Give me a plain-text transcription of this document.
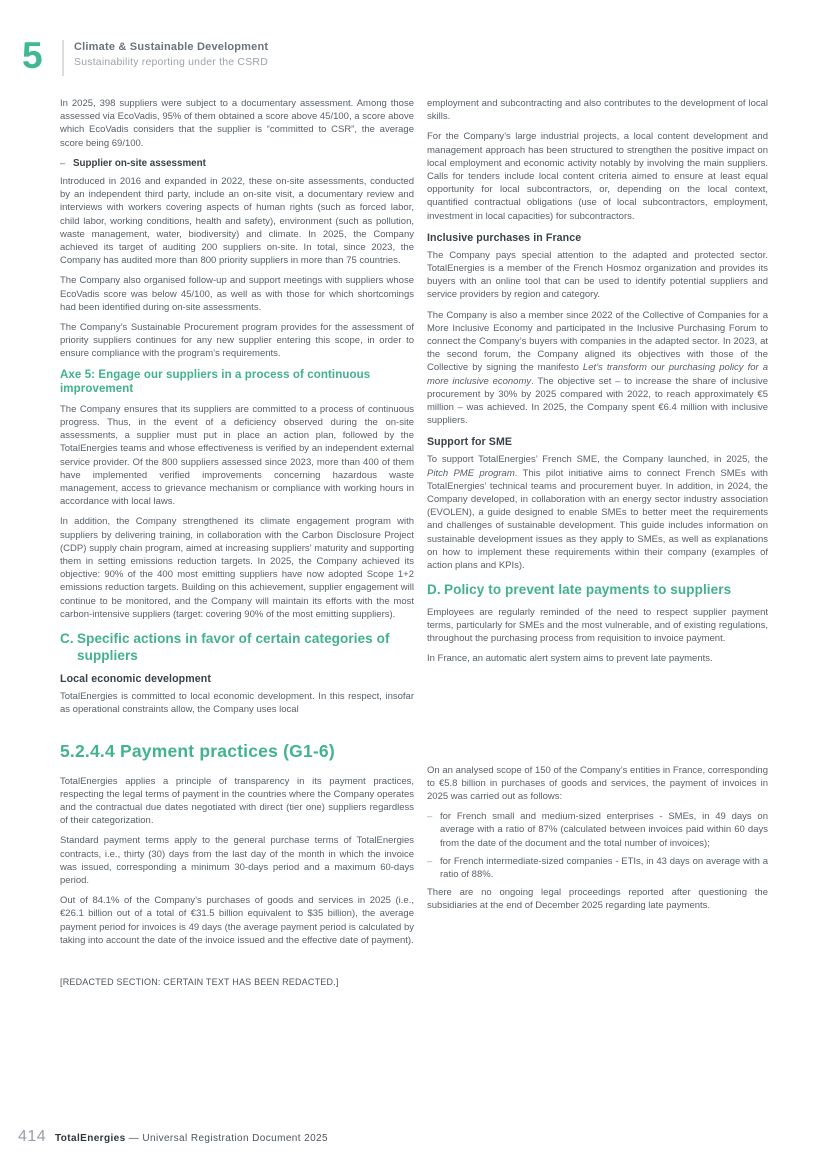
5	Climate & Sustainable Development
Sustainability reporting under the CSRD

In 2025, 398 suppliers were subject to a documentary assessment. Among those assessed via EcoVadis, 95% of them obtained a score above 45/100, a score above which EcoVadis considers that the supplier is “committed to CSR”, the average score being 69/100.

– Supplier on-site assessment

Introduced in 2016 and expanded in 2022, these on-site assessments, conducted by an independent third party, include an on-site visit, a documentary review and interviews with workers covering aspects of human rights (such as forced labor, child labor, working conditions, health and safety), environment (such as pollution, waste management, water, biodiversity) and climate. In 2025, the Company achieved its target of auditing 200 suppliers on-site. In total, since 2023, the Company has audited more than 800 priority suppliers in more than 75 countries.

The Company also organised follow-up and support meetings with suppliers whose EcoVadis score was below 45/100, as well as with those for which shortcomings had been identified during on-site assessments.

The Company’s Sustainable Procurement program provides for the assessment of priority suppliers continues for any new supplier entering this scope, in order to ensure compliance with the program’s requirements.

Axe 5: Engage our suppliers in a process of continuous improvement

The Company ensures that its suppliers are committed to a process of continuous progress. Thus, in the event of a deficiency observed during the on-site assessments, a supplier must put in place an action plan, followed by the TotalEnergies teams and whose effectiveness is verified by an independent external service provider. Of the 800 suppliers assessed since 2023, more than 400 of them have implemented verified improvements concerning hazardous waste management, access to grievance mechanism or compliance with working hours in accordance with local laws.

In addition, the Company strengthened its climate engagement program with suppliers by delivering training, in collaboration with the Carbon Disclosure Project (CDP) supply chain program, aimed at increasing suppliers’ maturity and supporting them in setting emissions reduction targets. In 2025, the Company achieved its objective: 90% of the 400 most emitting suppliers have now adopted Scope 1+2 emissions reduction targets. Building on this achievement, supplier engagement will continue to be monitored, and the Company will maintain its efforts with the most carbon-intensive suppliers (target: covering 90% of the most emitting suppliers).

C. Specific actions in favor of certain categories of suppliers
Local economic development

TotalEnergies is committed to local economic development. In this respect, insofar as operational constraints allow, the Company uses local

5.2.4.4 Payment practices (G1-6)

TotalEnergies applies a principle of transparency in its payment practices, respecting the legal terms of payment in the countries where the Company operates and the contractual due dates negotiated with direct (tier one) suppliers regardless of their categorization.

Standard payment terms apply to the general purchase terms of TotalEnergies contracts, i.e., thirty (30) days from the last day of the month in which the invoice was issued, corresponding a minimum 30-days period and a maximum 60-days period.

Out of 84.1% of the Company’s purchases of goods and services in 2025 (i.e., €26.1 billion out of a total of €31.5 billion equivalent to $35 billion), the average payment period for invoices is 49 days (the average payment period is calculated by taking into account the date of the invoice issued and the effective date of payment).

[REDACTED SECTION: CERTAIN TEXT HAS BEEN REDACTED.]

employment and subcontracting and also contributes to the development of local skills.

For the Company’s large industrial projects, a local content development and management approach has been structured to strengthen the positive impact on local employment and economic activity notably by involving the main suppliers. Calls for tenders include local content criteria aimed to ensure at least equal opportunity for local subcontractors, or, depending on the local context, quantified contractual obligations (use of local subcontractors, employment, investment in local capacities) for subcontractors.

Inclusive purchases in France

The Company pays special attention to the adapted and protected sector. TotalEnergies is a member of the French Hosmoz organization and provides its buyers with an online tool that can be used to identify potential suppliers and service providers by region and category.

The Company is also a member since 2022 of the Collective of Companies for a More Inclusive Economy and participated in the Inclusive Purchasing Forum to connect the Company’s buyers with companies in the adapted sector. In 2023, at the second forum, the Company aligned its objectives with those of the Collective by signing the manifesto Let’s transform our purchasing policy for a more inclusive economy. The objective set – to increase the share of inclusive procurement by 30% by 2025 compared with 2022, to reach approximately €5 million – was achieved. In 2025, the Company spent €6.4 million with inclusive suppliers.

Support for SME

To support TotalEnergies’ French SME, the Company launched, in 2025, the Pitch PME program. This pilot initiative aims to connect French SMEs with TotalEnergies’ technical teams and procurement buyer. In addition, in 2024, the Company developed, in collaboration with an energy sector industry association (EVOLEN), a guide designed to enable SMEs to better meet the requirements and challenges of sustainable development. This guide includes information on sustainable development issues as they apply to SMEs, as well as explanations on how to implement these requirements within their company (examples of action plans and KPIs).

D. Policy to prevent late payments to suppliers

Employees are regularly reminded of the need to respect supplier payment terms, particularly for SMEs and the most vulnerable, and of existing regulations, throughout the purchasing process from requisition to invoice payment.

In France, an automatic alert system aims to prevent late payments.

On an analysed scope of 150 of the Company’s entities in France, corresponding to €5.8 billion in purchases of goods and services, the payment of invoices in 2025 was carried out as follows:

– for French small and medium-sized enterprises - SMEs, in 49 days on average with a ratio of 87% (calculated between invoices paid within 60 days from the date of the document and the total number of invoices);
– for French intermediate-sized companies - ETIs, in 43 days on average with a ratio of 88%.

There are no ongoing legal proceedings reported after questioning the subsidiaries at the end of December 2025 regarding late payments.

414 TotalEnergies — Universal Registration Document 2025
